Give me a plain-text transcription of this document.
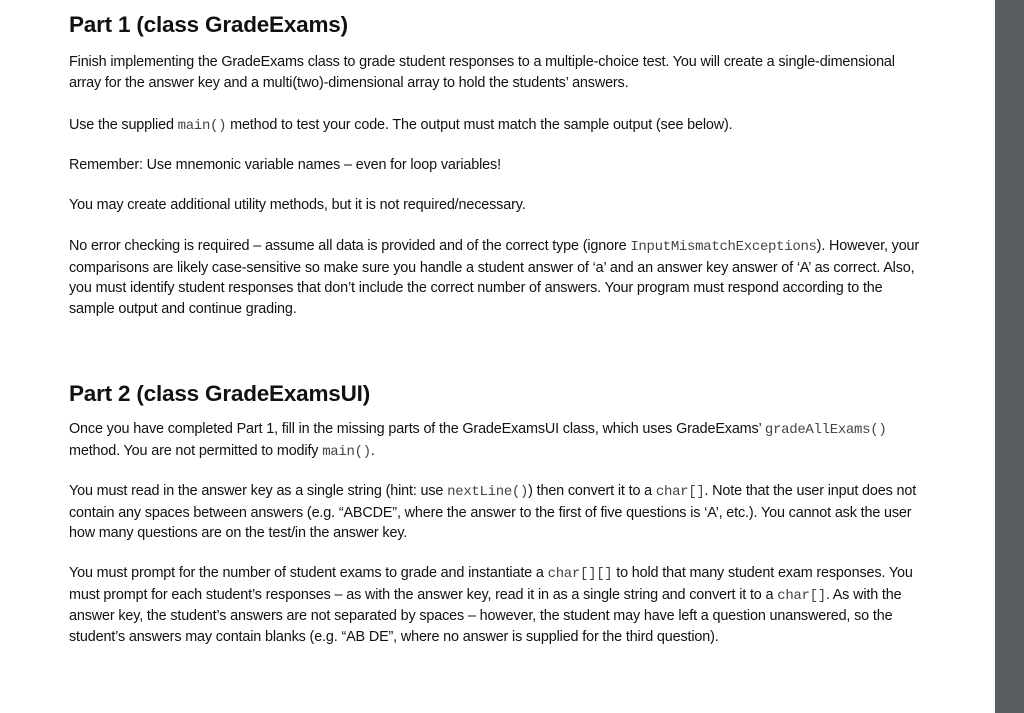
Part 1 (class GradeExams)

Finish implementing the GradeExams class to grade student responses to a multiple-choice test. You will create a single-dimensional array for the answer key and a multi(two)-dimensional array to hold the students’ answers.

Use the supplied main() method to test your code. The output must match the sample output (see below).

Remember: Use mnemonic variable names – even for loop variables!

You may create additional utility methods, but it is not required/necessary.

No error checking is required – assume all data is provided and of the correct type (ignore InputMismatchExceptions). However, your comparisons are likely case-sensitive so make sure you handle a student answer of ‘a’ and an answer key answer of ‘A’ as correct. Also, you must identify student responses that don’t include the correct number of answers. Your program must respond according to the sample output and continue grading.

Part 2 (class GradeExamsUI)

Once you have completed Part 1, fill in the missing parts of the GradeExamsUI class, which uses GradeExams’ gradeAllExams() method. You are not permitted to modify main().

You must read in the answer key as a single string (hint: use nextLine()) then convert it to a char[]. Note that the user input does not contain any spaces between answers (e.g. “ABCDE”, where the answer to the first of five questions is ‘A’, etc.). You cannot ask the user how many questions are on the test/in the answer key.

You must prompt for the number of student exams to grade and instantiate a char[][] to hold that many student exam responses. You must prompt for each student’s responses – as with the answer key, read it in as a single string and convert it to a char[]. As with the answer key, the student’s answers are not separated by spaces – however, the student may have left a question unanswered, so the student’s answers may contain blanks (e.g. “AB DE”, where no answer is supplied for the third question).
